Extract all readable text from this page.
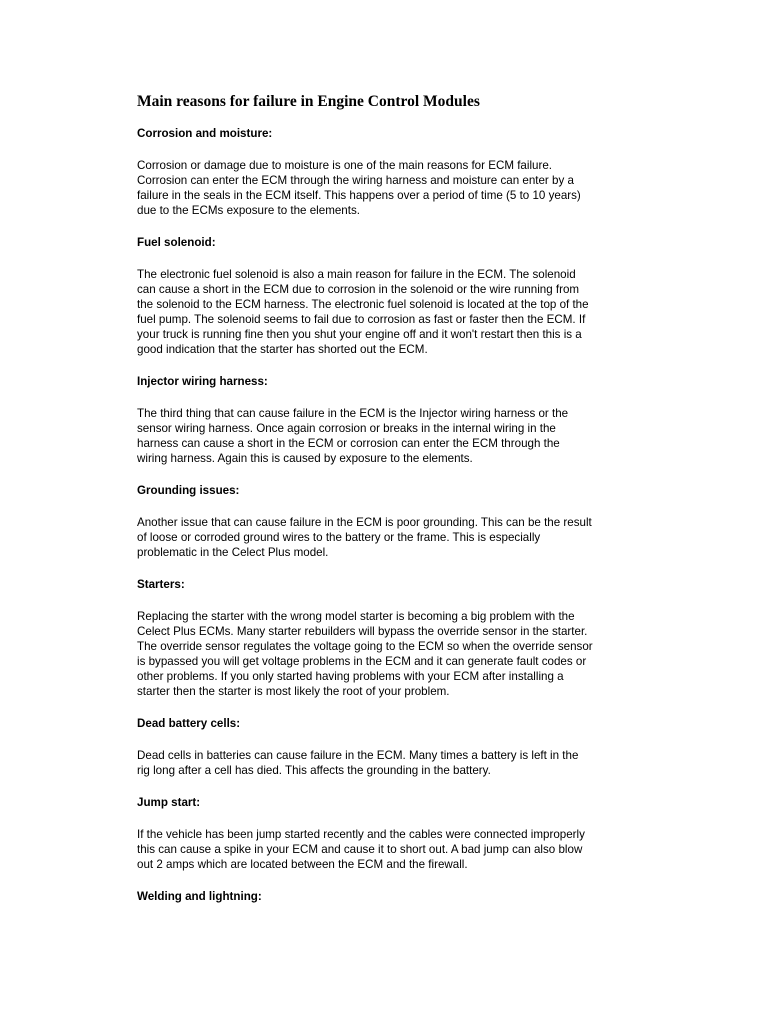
Main reasons for failure in Engine Control Modules
Corrosion and moisture:
Corrosion or damage due to moisture is one of the main reasons for ECM failure.
Corrosion can enter the ECM through the wiring harness and moisture can enter by a
failure in the seals in the ECM itself. This happens over a period of time (5 to 10 years)
due to the ECMs exposure to the elements.
Fuel solenoid:
The electronic fuel solenoid is also a main reason for failure in the ECM. The solenoid
can cause a short in the ECM due to corrosion in the solenoid or the wire running from
the solenoid to the ECM harness. The electronic fuel solenoid is located at the top of the
fuel pump. The solenoid seems to fail due to corrosion as fast or faster then the ECM. If
your truck is running fine then you shut your engine off and it won't restart then this is a
good indication that the starter has shorted out the ECM.
Injector wiring harness:
The third thing that can cause failure in the ECM is the Injector wiring harness or the
sensor wiring harness. Once again corrosion or breaks in the internal wiring in the
harness can cause a short in the ECM or corrosion can enter the ECM through the
wiring harness. Again this is caused by exposure to the elements.
Grounding issues:
Another issue that can cause failure in the ECM is poor grounding. This can be the result
of loose or corroded ground wires to the battery or the frame. This is especially
problematic in the Celect Plus model.
Starters:
Replacing the starter with the wrong model starter is becoming a big problem with the
Celect Plus ECMs. Many starter rebuilders will bypass the override sensor in the starter.
The override sensor regulates the voltage going to the ECM so when the override sensor
is bypassed you will get voltage problems in the ECM and it can generate fault codes or
other problems. If you only started having problems with your ECM after installing a
starter then the starter is most likely the root of your problem.
Dead battery cells:
Dead cells in batteries can cause failure in the ECM. Many times a battery is left in the
rig long after a cell has died. This affects the grounding in the battery.
Jump start:
If the vehicle has been jump started recently and the cables were connected improperly
this can cause a spike in your ECM and cause it to short out. A bad jump can also blow
out 2 amps which are located between the ECM and the firewall.
Welding and lightning:
